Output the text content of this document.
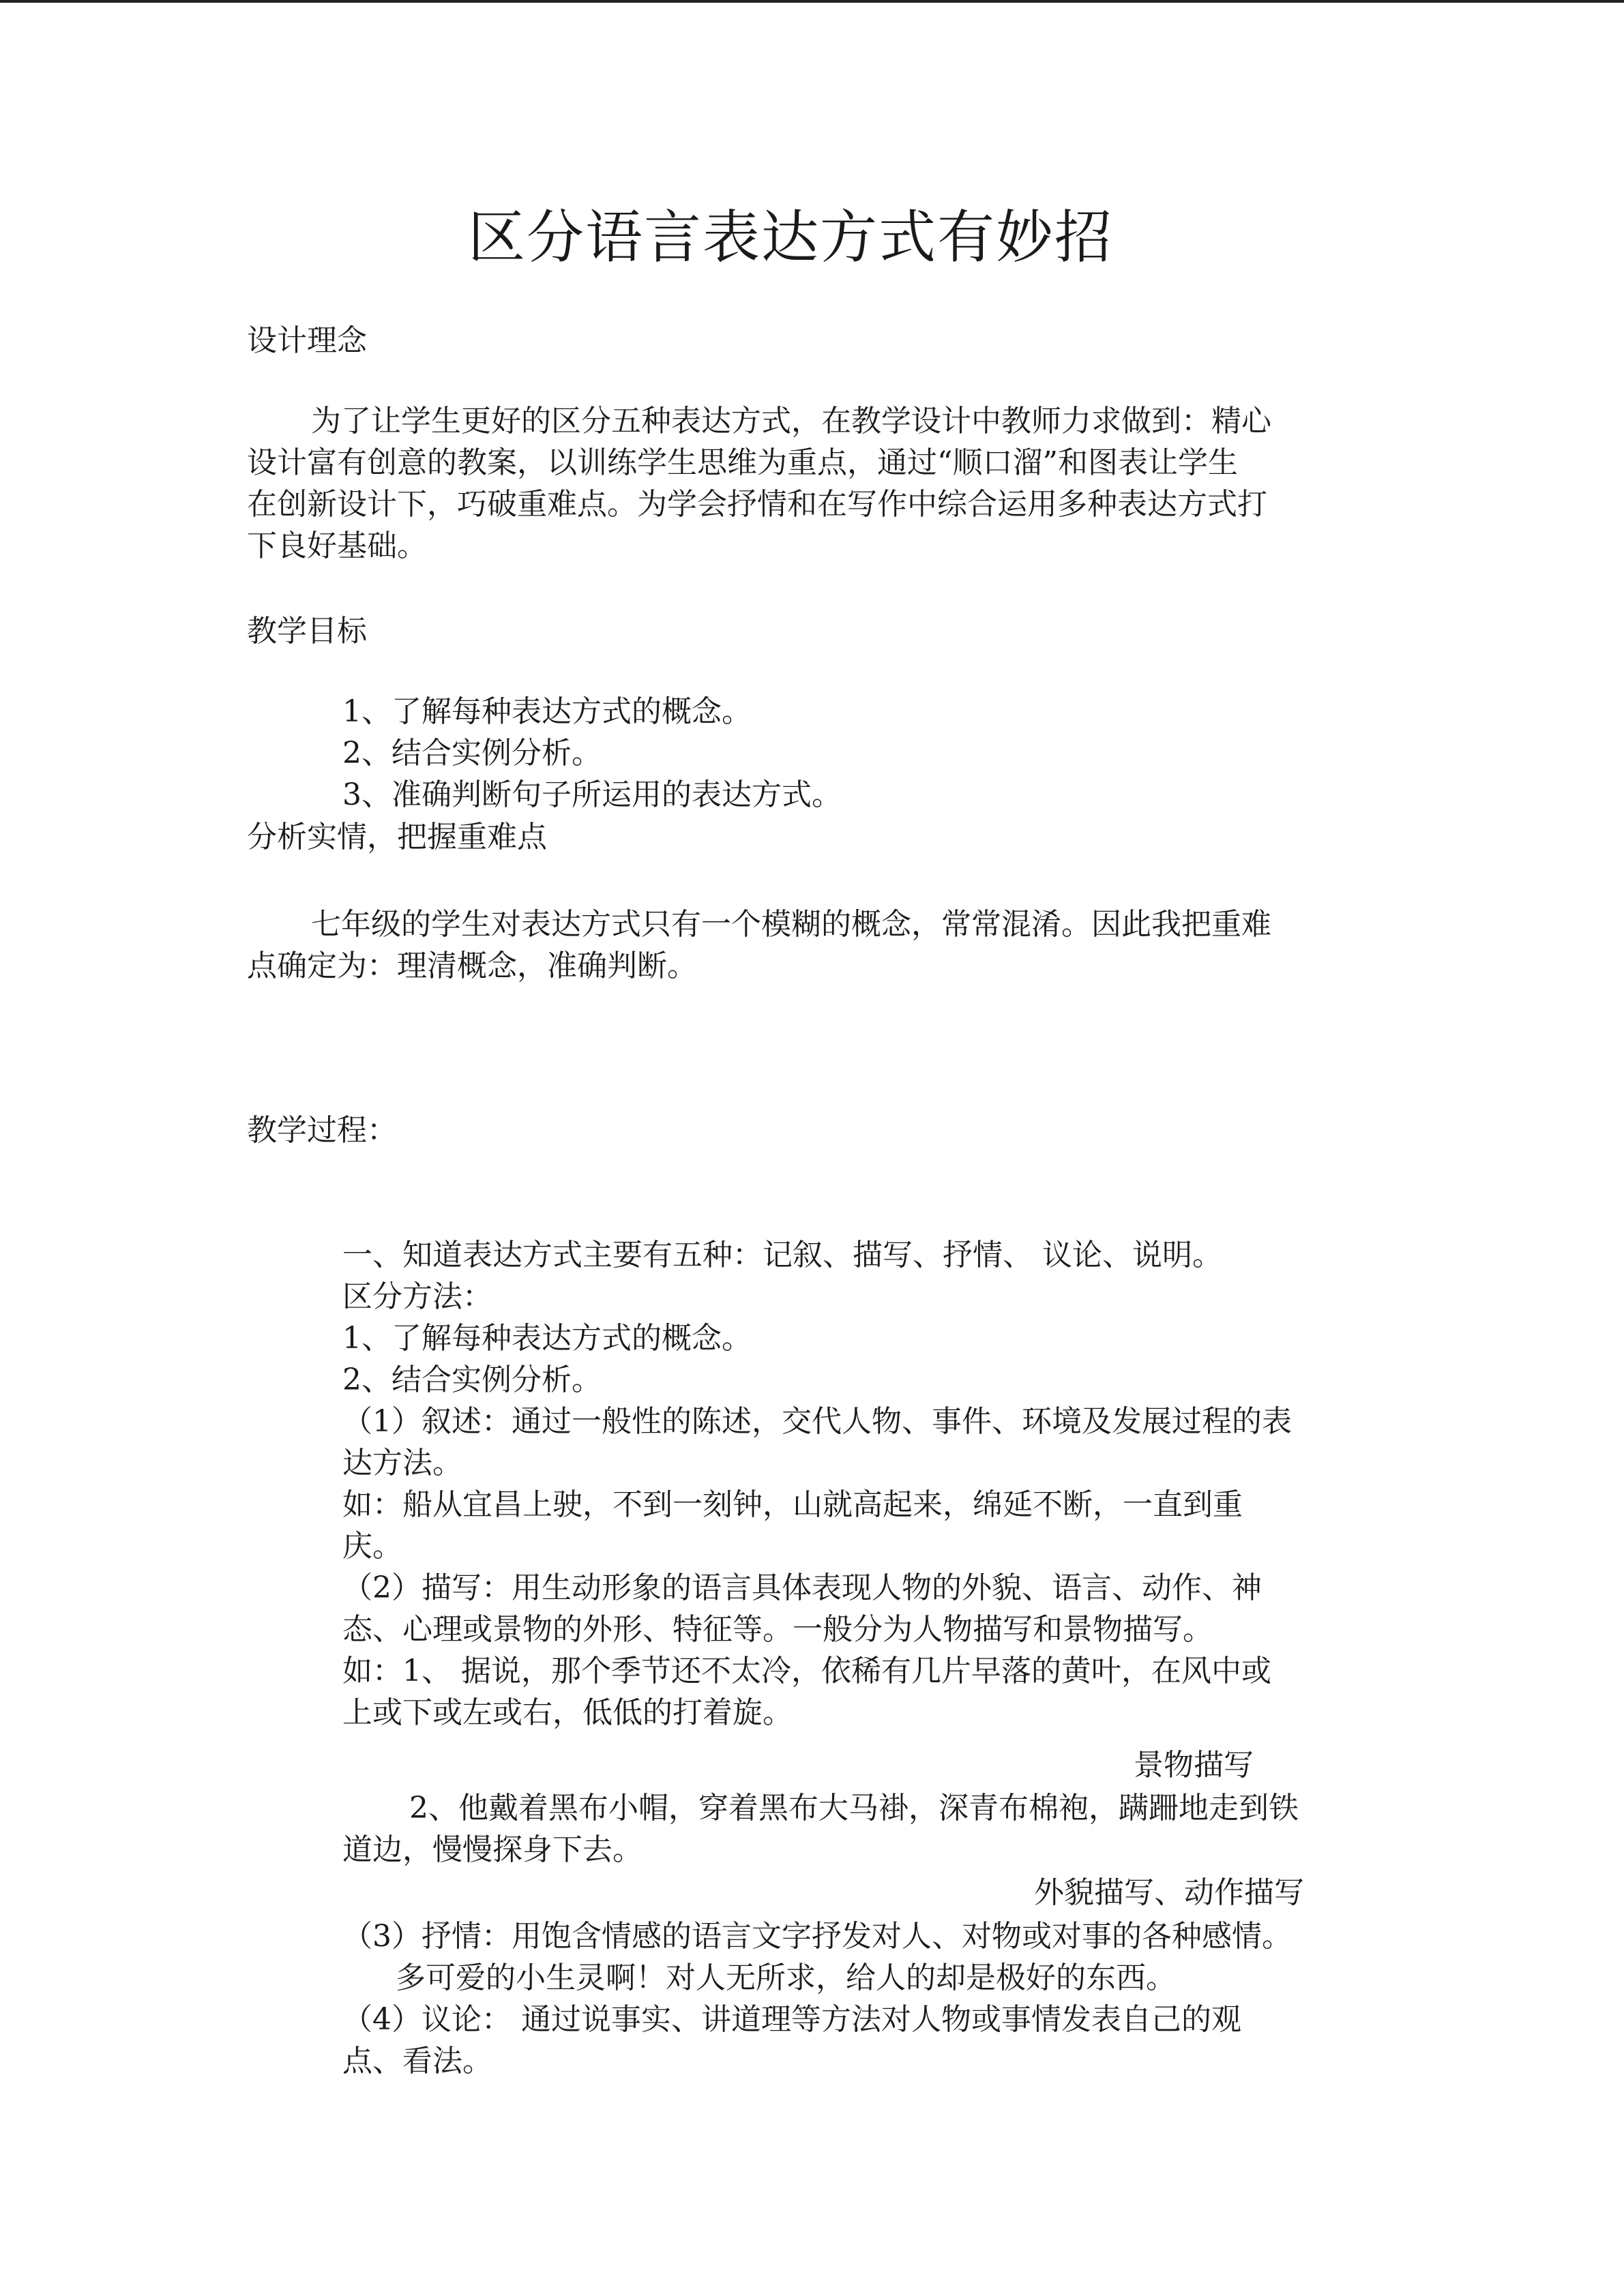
区分语言表达方式有妙招
设计理念
为了让学生更好的区分五种表达方式，在教学设计中教师力求做到：精心
设计富有创意的教案，以训练学生思维为重点，通过“顺口溜”和图表让学生
在创新设计下，巧破重难点。为学会抒情和在写作中综合运用多种表达方式打
下良好基础。
教学目标
1、了解每种表达方式的概念。
2、结合实例分析。
3、准确判断句子所运用的表达方式。
分析实情，把握重难点
七年级的学生对表达方式只有一个模糊的概念，常常混淆。因此我把重难
点确定为：理清概念，准确判断。
教学过程：
一、知道表达方式主要有五种：记叙、描写、抒情、 议论、说明。
区分方法：
1、了解每种表达方式的概念。
2、结合实例分析。
（1）叙述：通过一般性的陈述，交代人物、事件、环境及发展过程的表
达方法。
如：船从宜昌上驶，不到一刻钟，山就高起来，绵延不断，一直到重
庆。
（2）描写：用生动形象的语言具体表现人物的外貌、语言、动作、神
态、心理或景物的外形、特征等。一般分为人物描写和景物描写。
如：1、 据说，那个季节还不太冷，依稀有几片早落的黄叶，在风中或
上或下或左或右，低低的打着旋。
景物描写
2、他戴着黑布小帽，穿着黑布大马褂，深青布棉袍，蹒跚地走到铁
道边，慢慢探身下去。
外貌描写、动作描写
（3）抒情：用饱含情感的语言文字抒发对人、对物或对事的各种感情。
多可爱的小生灵啊！对人无所求，给人的却是极好的东西。
（4）议论： 通过说事实、讲道理等方法对人物或事情发表自己的观
点、看法。
